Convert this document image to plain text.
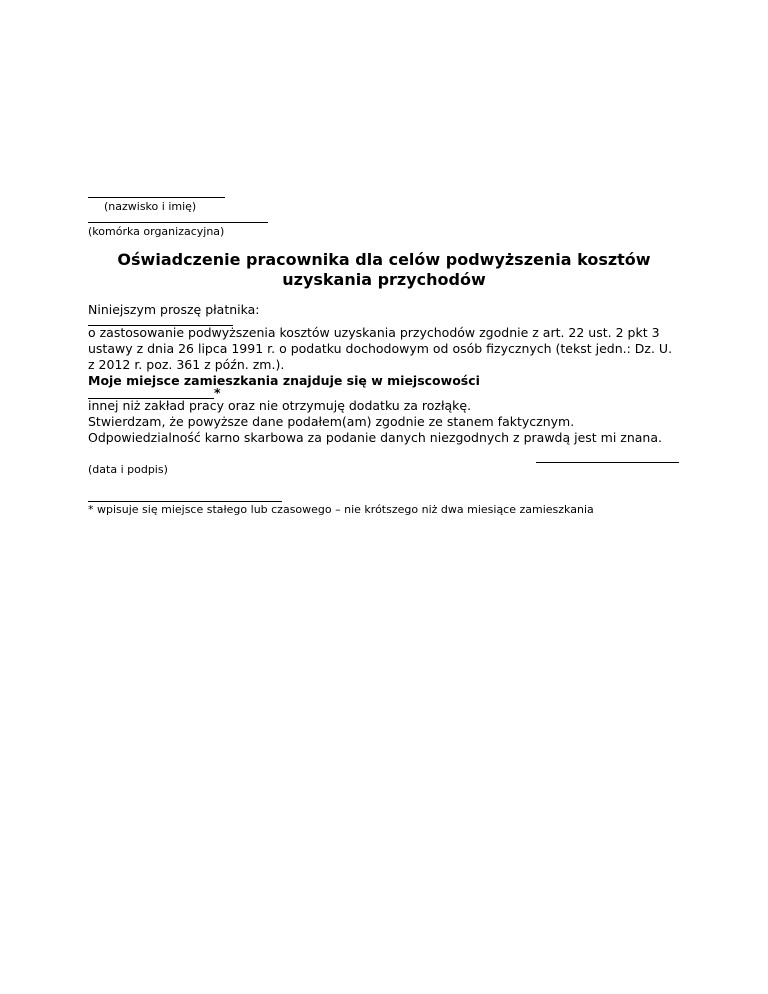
(nazwisko i imię)
(komórka organizacyjna)
Oświadczenie pracownika dla celów podwyższenia kosztów
uzyskania przychodów
Niniejszym proszę płatnika:
o zastosowanie podwyższenia kosztów uzyskania przychodów zgodnie z art. 22 ust. 2 pkt 3 ustawy z dnia 26 lipca 1991 r. o podatku dochodowym od osób fizycznych (tekst jedn.: Dz. U. z 2012 r. poz. 361 z późn. zm.).
Moje miejsce zamieszkania znajduje się w miejscowości
*
innej niż zakład pracy oraz nie otrzymuję dodatku za rozłąkę.
Stwierdzam, że powyższe dane podałem(am) zgodnie ze stanem faktycznym.
Odpowiedzialność karno skarbowa za podanie danych niezgodnych z prawdą jest mi znana.
(data i podpis)
* wpisuje się miejsce stałego lub czasowego – nie krótszego niż dwa miesiące zamieszkania
